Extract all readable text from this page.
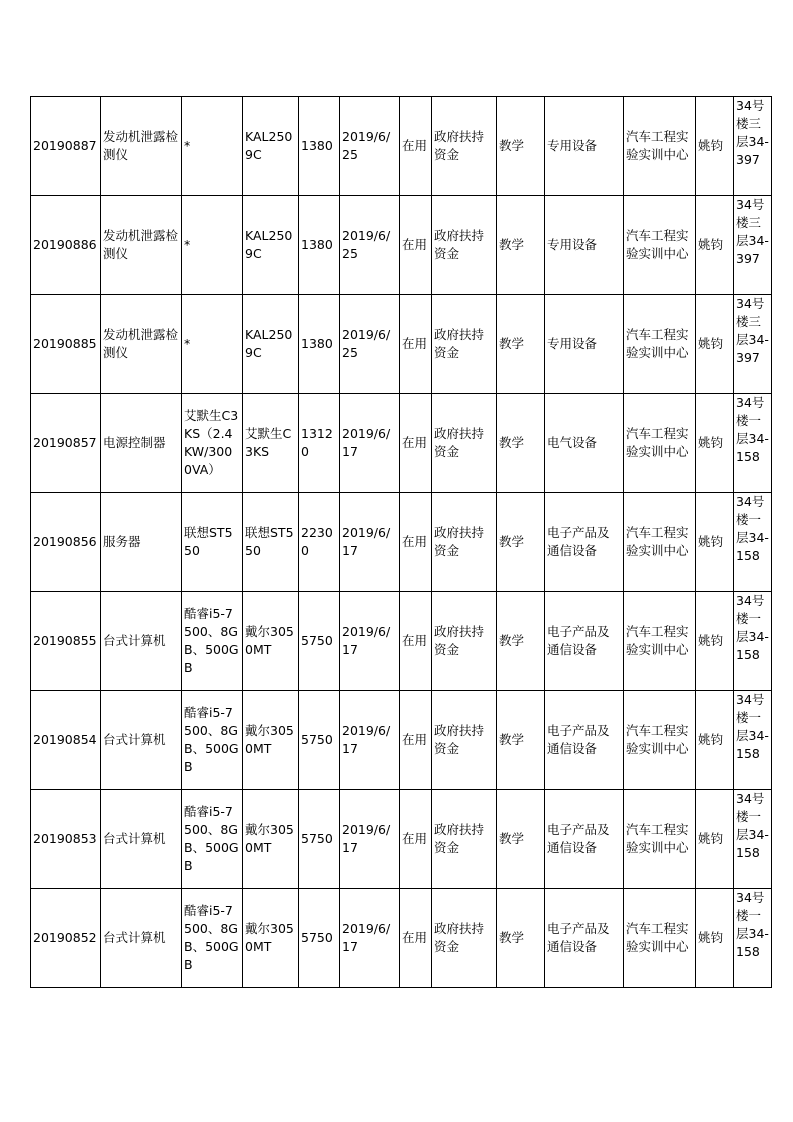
20190887	发动机泄露检测仪	*	KAL2509C	1380	2019/6/25	在用	政府扶持资金	教学	专用设备	汽车工程实验实训中心	姚钧	34号楼三层34-397
20190886	发动机泄露检测仪	*	KAL2509C	1380	2019/6/25	在用	政府扶持资金	教学	专用设备	汽车工程实验实训中心	姚钧	34号楼三层34-397
20190885	发动机泄露检测仪	*	KAL2509C	1380	2019/6/25	在用	政府扶持资金	教学	专用设备	汽车工程实验实训中心	姚钧	34号楼三层34-397
20190857	电源控制器	艾默生C3KS（2.4KW/3000VA）	艾默生C3KS	13120	2019/6/17	在用	政府扶持资金	教学	电气设备	汽车工程实验实训中心	姚钧	34号楼一层34-158
20190856	服务器	联想ST550	联想ST550	22300	2019/6/17	在用	政府扶持资金	教学	电子产品及通信设备	汽车工程实验实训中心	姚钧	34号楼一层34-158
20190855	台式计算机	酷睿i5-7500、8GB、500GB	戴尔3050MT	5750	2019/6/17	在用	政府扶持资金	教学	电子产品及通信设备	汽车工程实验实训中心	姚钧	34号楼一层34-158
20190854	台式计算机	酷睿i5-7500、8GB、500GB	戴尔3050MT	5750	2019/6/17	在用	政府扶持资金	教学	电子产品及通信设备	汽车工程实验实训中心	姚钧	34号楼一层34-158
20190853	台式计算机	酷睿i5-7500、8GB、500GB	戴尔3050MT	5750	2019/6/17	在用	政府扶持资金	教学	电子产品及通信设备	汽车工程实验实训中心	姚钧	34号楼一层34-158
20190852	台式计算机	酷睿i5-7500、8GB、500GB	戴尔3050MT	5750	2019/6/17	在用	政府扶持资金	教学	电子产品及通信设备	汽车工程实验实训中心	姚钧	34号楼一层34-158
